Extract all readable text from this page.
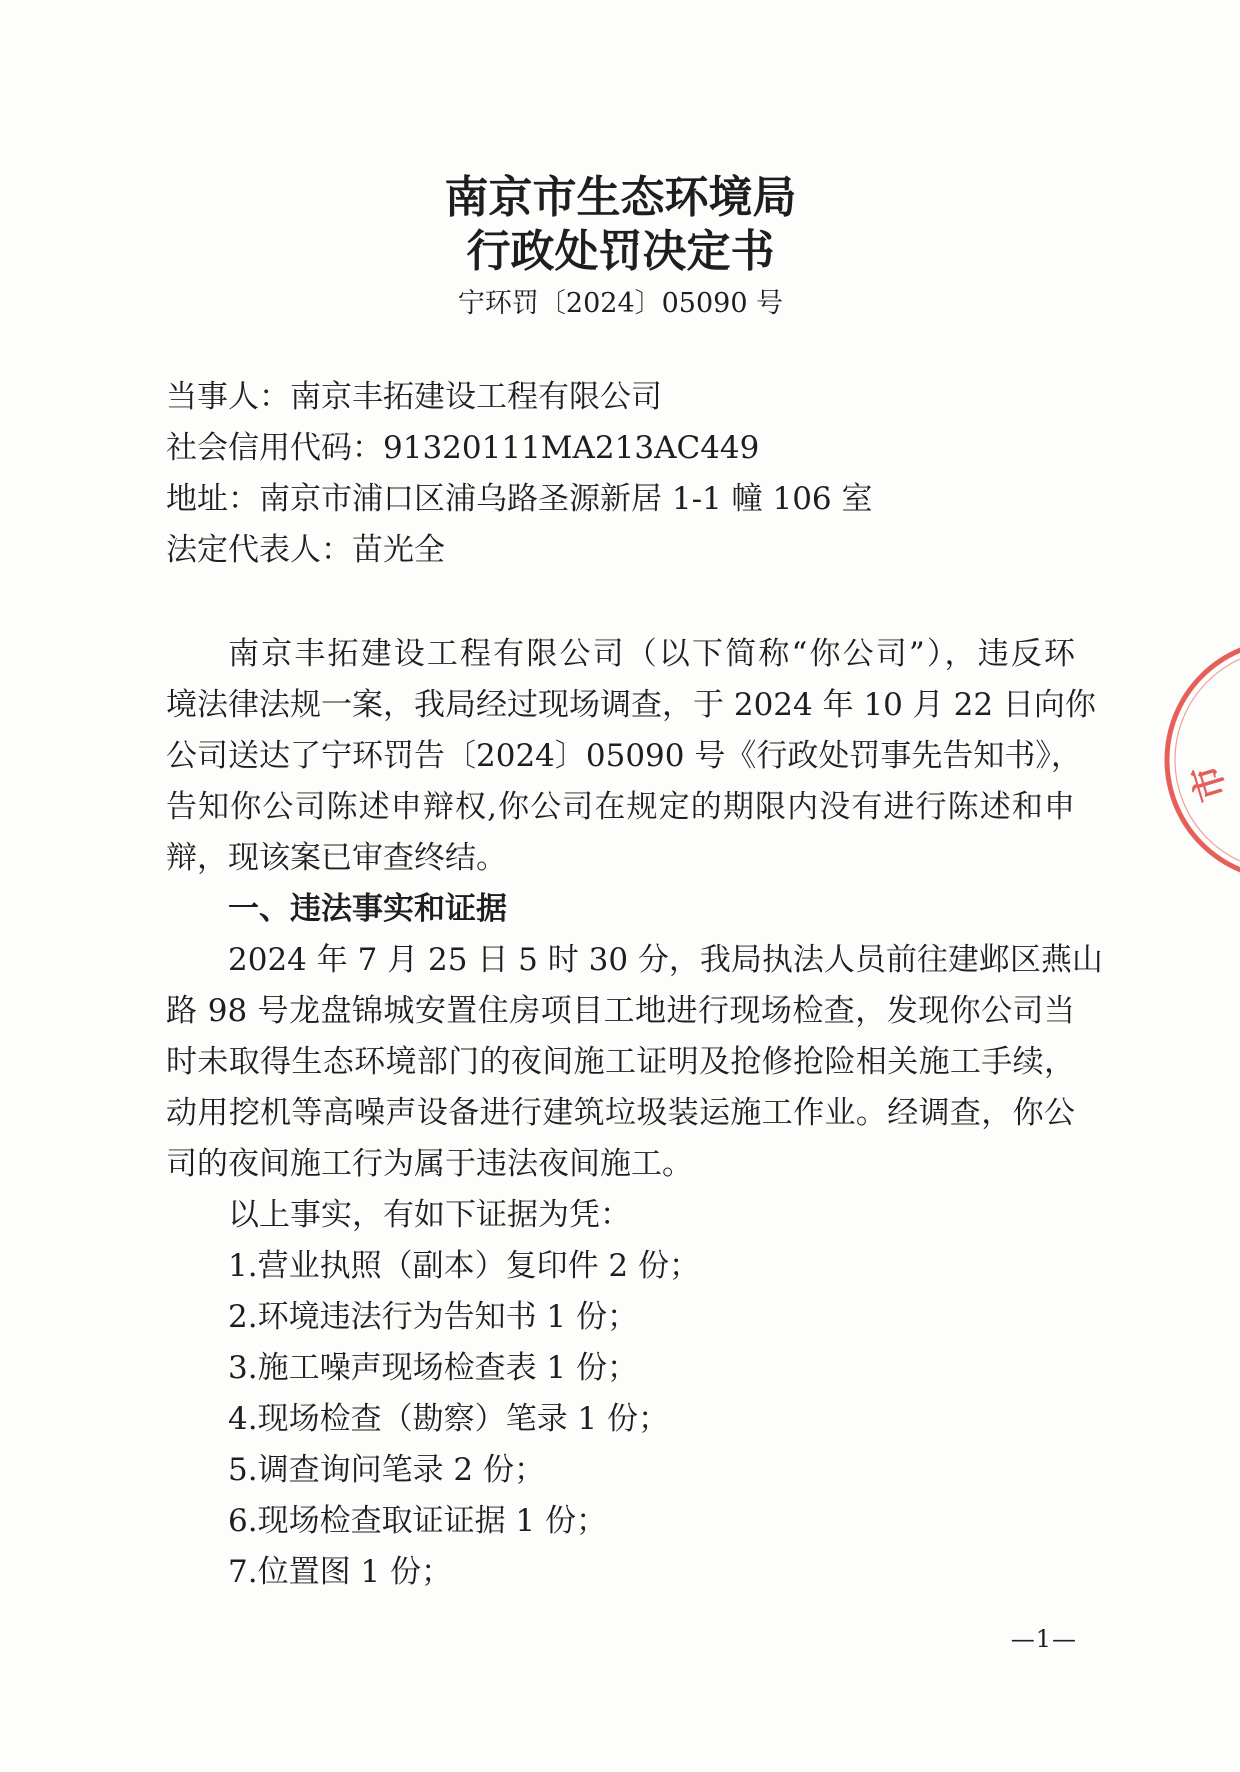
南京市生态环境局
行政处罚决定书
宁环罚〔2024〕05090 号
当事人：南京丰拓建设工程有限公司
社会信用代码：91320111MA213AC449
地址：南京市浦口区浦乌路圣源新居 1-1 幢 106 室
法定代表人：苗光全
南京丰拓建设工程有限公司（以下简称“你公司”），违反环
境法律法规一案，我局经过现场调查，于 2024 年 10 月 22 日向你
公司送达了宁环罚告〔2024〕05090 号《行政处罚事先告知书》，
告知你公司陈述申辩权,你公司在规定的期限内没有进行陈述和申
辩，现该案已审查终结。
一、违法事实和证据
2024 年 7 月 25 日 5 时 30 分，我局执法人员前往建邺区燕山
路 98 号龙盘锦城安置住房项目工地进行现场检查，发现你公司当
时未取得生态环境部门的夜间施工证明及抢修抢险相关施工手续，
动用挖机等高噪声设备进行建筑垃圾装运施工作业。经调查，你公
司的夜间施工行为属于违法夜间施工。
以上事实，有如下证据为凭：
1.营业执照（副本）复印件 2 份；
2.环境违法行为告知书 1 份；
3.施工噪声现场检查表 1 份；
4.现场检查（勘察）笔录 1 份；
5.调查询问笔录 2 份；
6.现场检查取证证据 1 份；
7.位置图 1 份；
—1—
市
